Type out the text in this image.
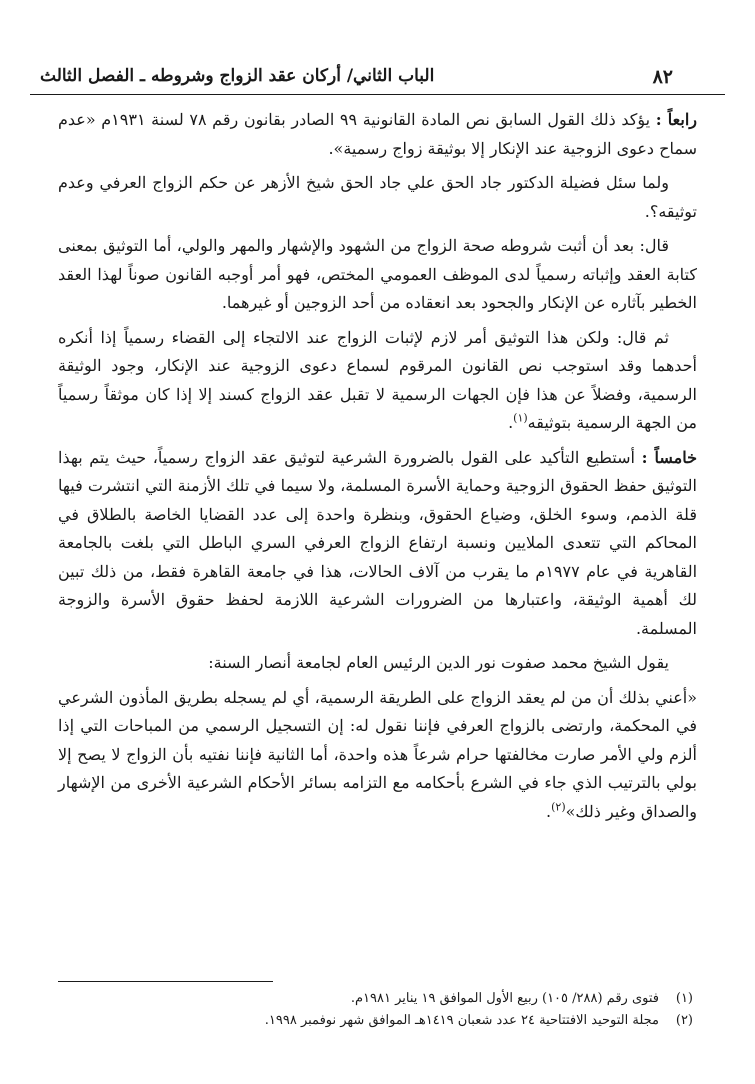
٨٢
الباب الثاني/ أركان عقد الزواج وشروطه ـ الفصل الثالث

رابعاً : يؤكد ذلك القول السابق نص المادة القانونية ٩٩ الصادر بقانون رقم ٧٨ لسنة ١٩٣١م «عدم سماح دعوى الزوجية عند الإنكار إلا بوثيقة زواج رسمية».

ولما سئل فضيلة الدكتور جاد الحق علي جاد الحق شيخ الأزهر عن حكم الزواج العرفي وعدم توثيقه؟.

قال: بعد أن أثبت شروطه صحة الزواج من الشهود والإشهار والمهر والولي، أما التوثيق بمعنى كتابة العقد وإثباته رسمياً لدى الموظف العمومي المختص، فهو أمر أوجبه القانون صوناً لهذا العقد الخطير بآثاره عن الإنكار والجحود بعد انعقاده من أحد الزوجين أو غيرهما.

ثم قال: ولكن هذا التوثيق أمر لازم لإثبات الزواج عند الالتجاء إلى القضاء رسمياً إذا أنكره أحدهما وقد استوجب نص القانون المرقوم لسماع دعوى الزوجية عند الإنكار، وجود الوثيقة الرسمية، وفضلاً عن هذا فإن الجهات الرسمية لا تقبل عقد الزواج كسند إلا إذا كان موثقاً رسمياً من الجهة الرسمية بتوثيقه$^{(١)}$.

خامساً : أستطيع التأكيد على القول بالضرورة الشرعية لتوثيق عقد الزواج رسمياً، حيث يتم بهذا التوثيق حفظ الحقوق الزوجية وحماية الأسرة المسلمة، ولا سيما في تلك الأزمنة التي انتشرت فيها قلة الذمم، وسوء الخلق، وضياع الحقوق، وبنظرة واحدة إلى عدد القضايا الخاصة بالطلاق في المحاكم التي تتعدى الملايين ونسبة ارتفاع الزواج العرفي السري الباطل التي بلغت بالجامعة القاهرية في عام ١٩٧٧م ما يقرب من آلاف الحالات، هذا في جامعة القاهرة فقط، من ذلك تبين لك أهمية الوثيقة، واعتبارها من الضرورات الشرعية اللازمة لحفظ حقوق الأسرة والزوجة المسلمة.

يقول الشيخ محمد صفوت نور الدين الرئيس العام لجامعة أنصار السنة:

«أعني بذلك أن من لم يعقد الزواج على الطريقة الرسمية، أي لم يسجله بطريق المأذون الشرعي في المحكمة، وارتضى بالزواج العرفي فإننا نقول له: إن التسجيل الرسمي من المباحات التي إذا ألزم ولي الأمر صارت مخالفتها حرام شرعاً هذه واحدة، أما الثانية فإننا نفتيه بأن الزواج لا يصح إلا بولي بالترتيب الذي جاء في الشرع بأحكامه مع التزامه بسائر الأحكام الشرعية الأخرى من الإشهار والصداق وغير ذلك»$^{(٢)}$.

(١)فتوى رقم (٢٨٨/ ١٠٥) ربيع الأول الموافق ١٩ يناير ١٩٨١م.

(٢)مجلة التوحيد الافتتاحية ٢٤ عدد شعبان ١٤١٩هـ الموافق شهر نوفمبر ١٩٩٨.
